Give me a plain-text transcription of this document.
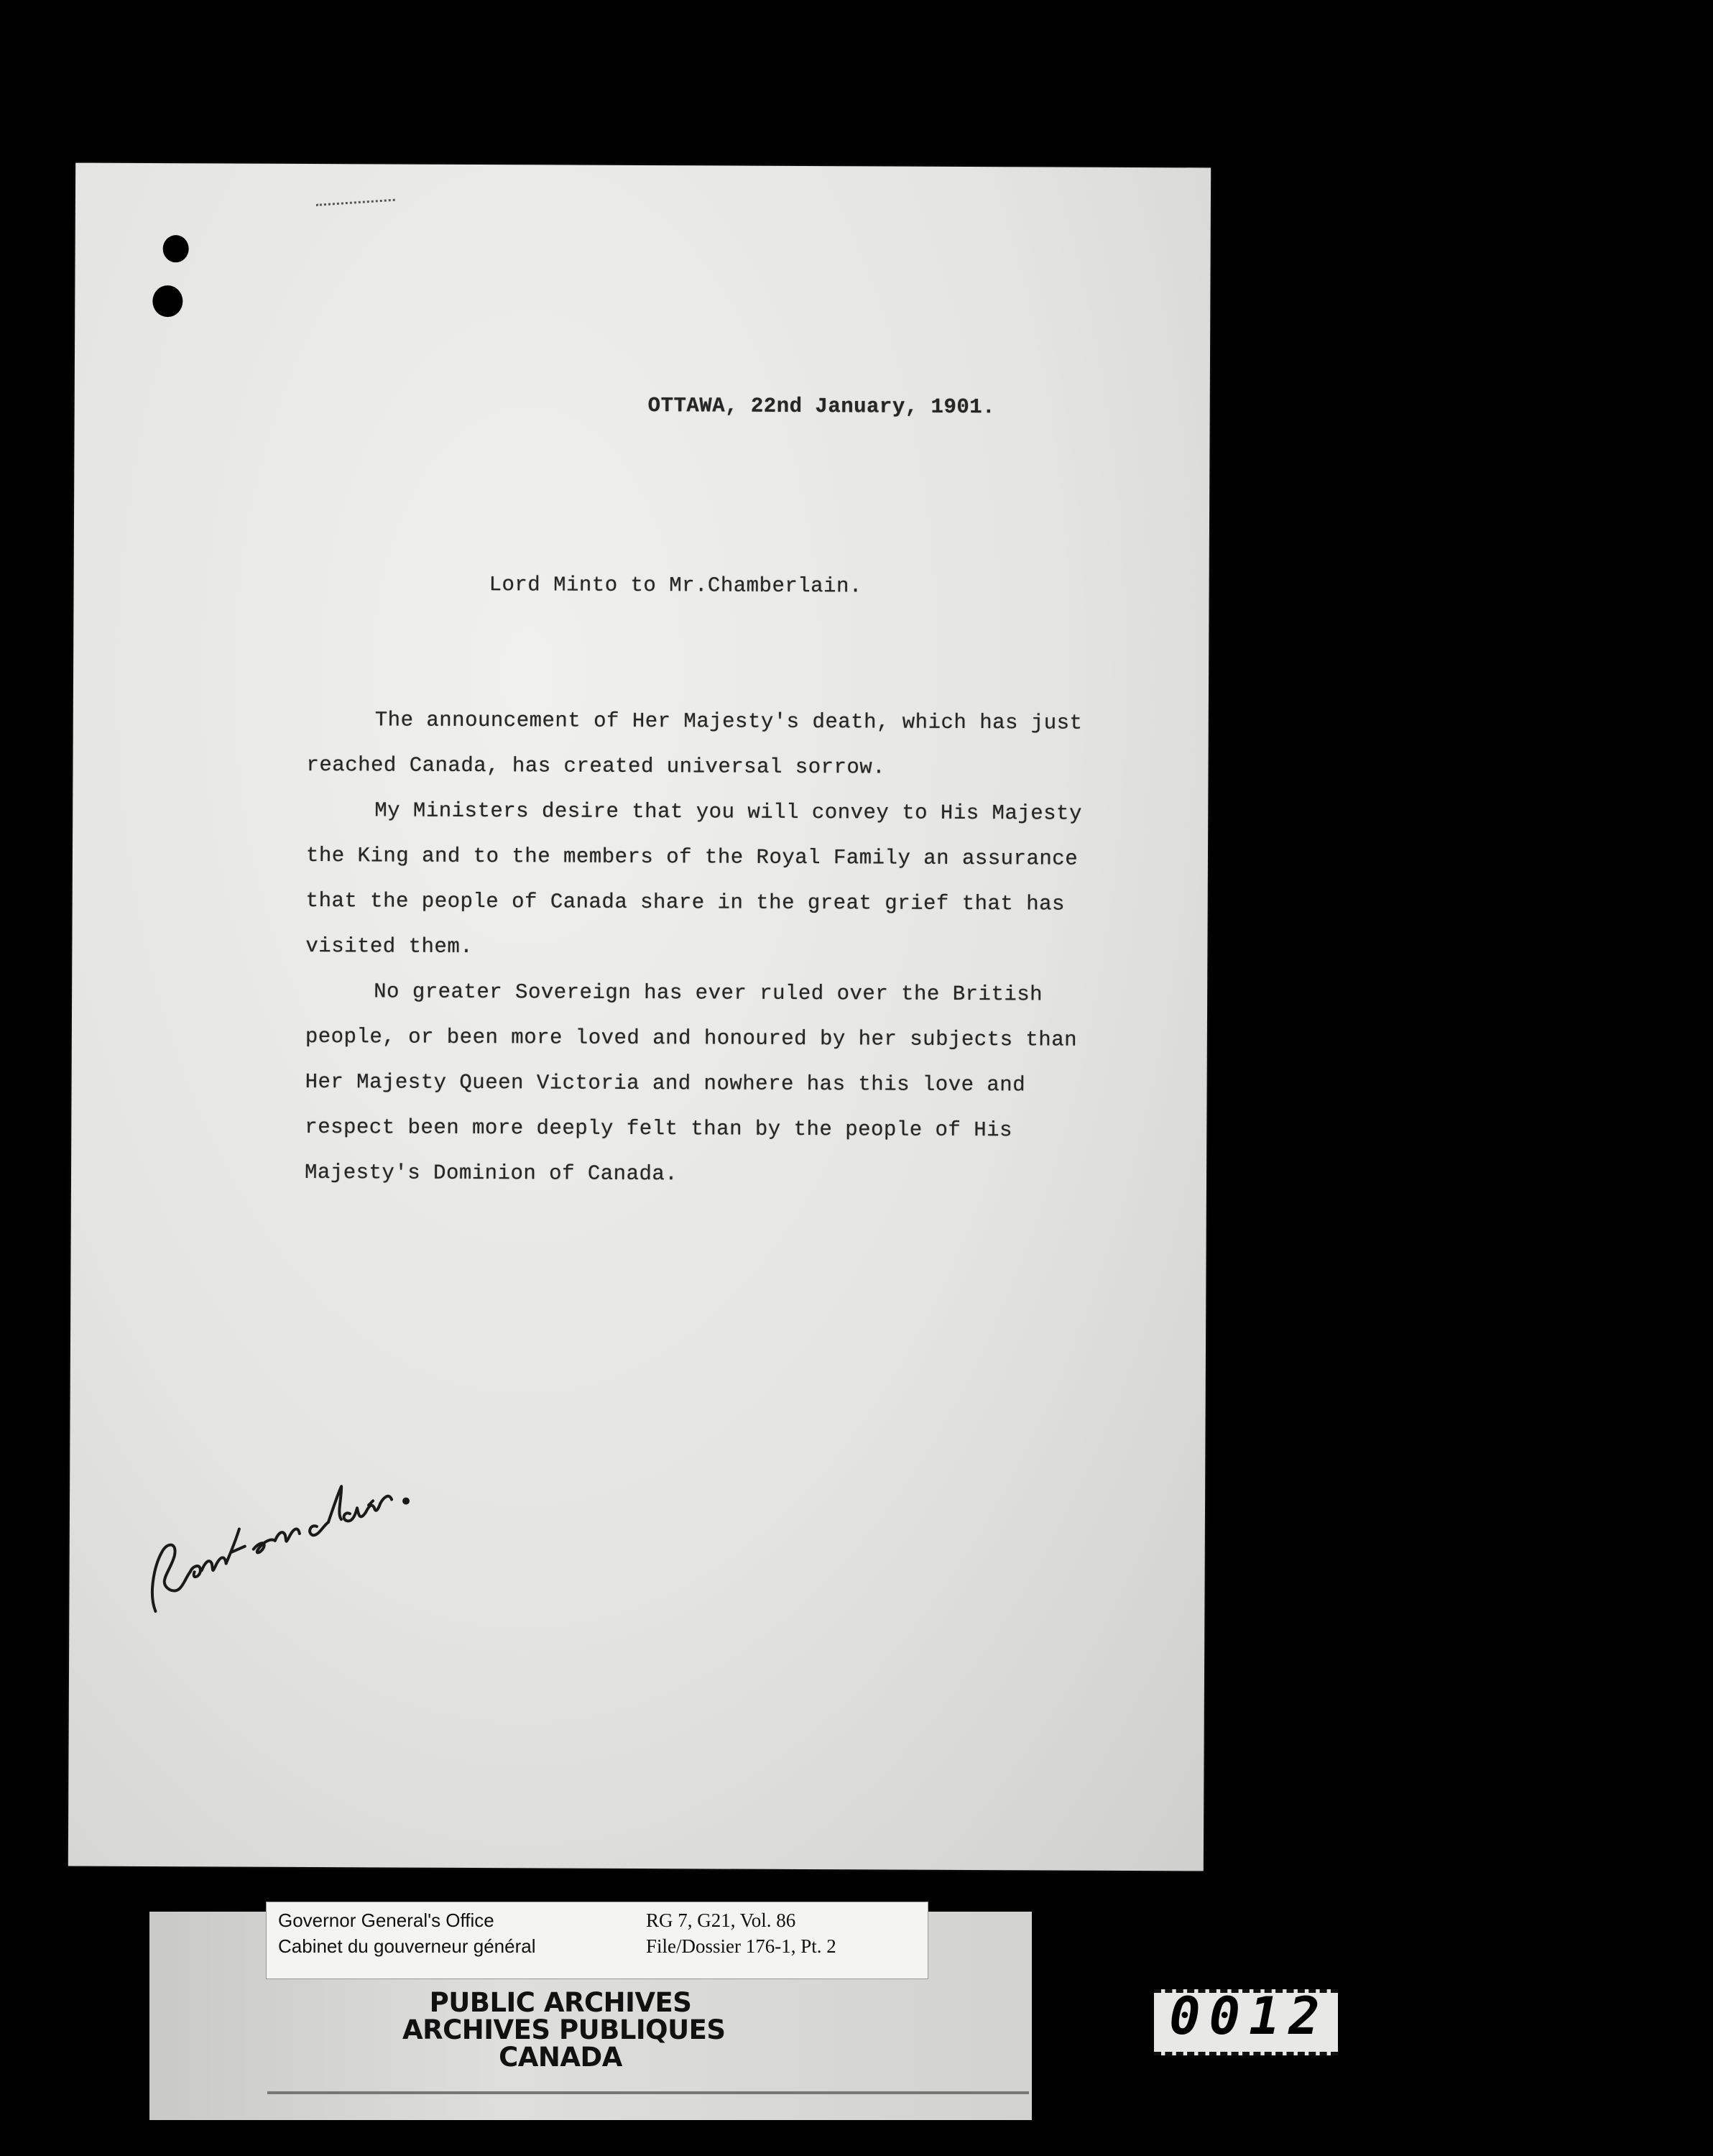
OTTAWA, 22nd January, 1901.
Lord Minto to Mr.Chamberlain.

The announcement of Her Majesty's death, which has just reached Canada, has created universal sorrow.

My Ministers desire that you will convey to His Majesty the King and to the members of the Royal Family an assurance that the people of Canada share in the great grief that has visited them.

No greater Sovereign has ever ruled over the British people, or been more loved and honoured by her subjects than Her Majesty Queen Victoria and nowhere has this love and respect been more deeply felt than by the people of His Majesty's Dominion of Canada.

Governor General's Office
Cabinet du gouverneur général
RG 7, G21, Vol. 86
File/Dossier 176-1, Pt. 2
PUBLIC ARCHIVES
ARCHIVES PUBLIQUES
CANADA
0012
